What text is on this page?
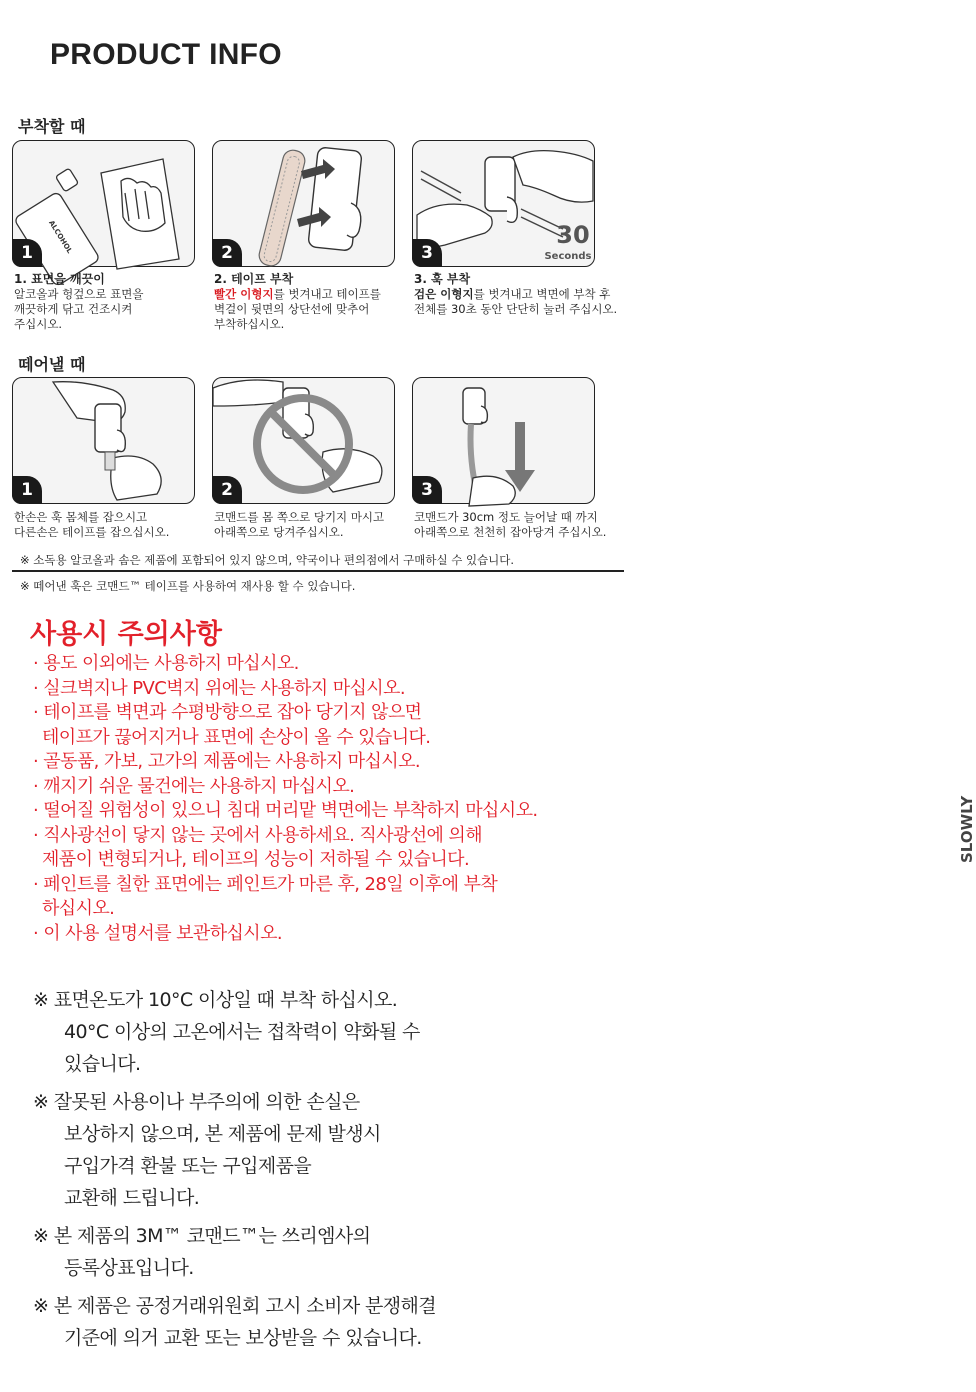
PRODUCT INFO
부착할 때
ALCOHOL
1	2
30
Seconds
3
1. 표면을 깨끗이
알코올과 헝겊으로 표면을
깨끗하게 닦고 건조시켜
주십시오.
2. 테이프 부착
빨간 이형지를 벗겨내고 테이프를
벽걸이 뒷면의 상단선에 맞추어
부착하십시오.
3. 훅 부착
검은 이형지를 벗겨내고 벽면에 부착 후
전체를 30초 동안 단단히 눌러 주십시오.
떼어낼 때
1	2
SLOWLY
3
한손은 훅 몸체를 잡으시고
다른손은 테이프를 잡으십시오.
코맨드를 몸 쪽으로 당기지 마시고
아래쪽으로 당겨주십시오.
코맨드가 30cm 정도 늘어날 때 까지
아래쪽으로 천천히 잡아당겨 주십시오.
※ 소독용 알코올과 솜은 제품에 포함되어 있지 않으며, 약국이나 편의점에서 구매하실 수 있습니다.
※ 떼어낸 훅은 코맨드™ 테이프를 사용하여 재사용 할 수 있습니다.
사용시 주의사항
· 용도 이외에는 사용하지 마십시오.
· 실크벽지나 PVC벽지 위에는 사용하지 마십시오.
· 테이프를 벽면과 수평방향으로 잡아 당기지 않으면
테이프가 끊어지거나 표면에 손상이 올 수 있습니다.
· 골동품, 가보, 고가의 제품에는 사용하지 마십시오.
· 깨지기 쉬운 물건에는 사용하지 마십시오.
· 떨어질 위험성이 있으니 침대 머리맡 벽면에는 부착하지 마십시오.
· 직사광선이 닿지 않는 곳에서 사용하세요. 직사광선에 의해
제품이 변형되거나, 테이프의 성능이 저하될 수 있습니다.
· 페인트를 칠한 표면에는 페인트가 마른 후, 28일 이후에 부착
하십시오.
· 이 사용 설명서를 보관하십시오.
※ 표면온도가 10°C 이상일 때 부착 하십시오.
40°C 이상의 고온에서는 접착력이 약화될 수
있습니다.
※ 잘못된 사용이나 부주의에 의한 손실은
보상하지 않으며, 본 제품에 문제 발생시
구입가격 환불 또는 구입제품을
교환해 드립니다.
※ 본 제품의 3M™ 코맨드™는 쓰리엠사의
등록상표입니다.
※ 본 제품은 공정거래위원회 고시 소비자 분쟁해결
기준에 의거 교환 또는 보상받을 수 있습니다.
